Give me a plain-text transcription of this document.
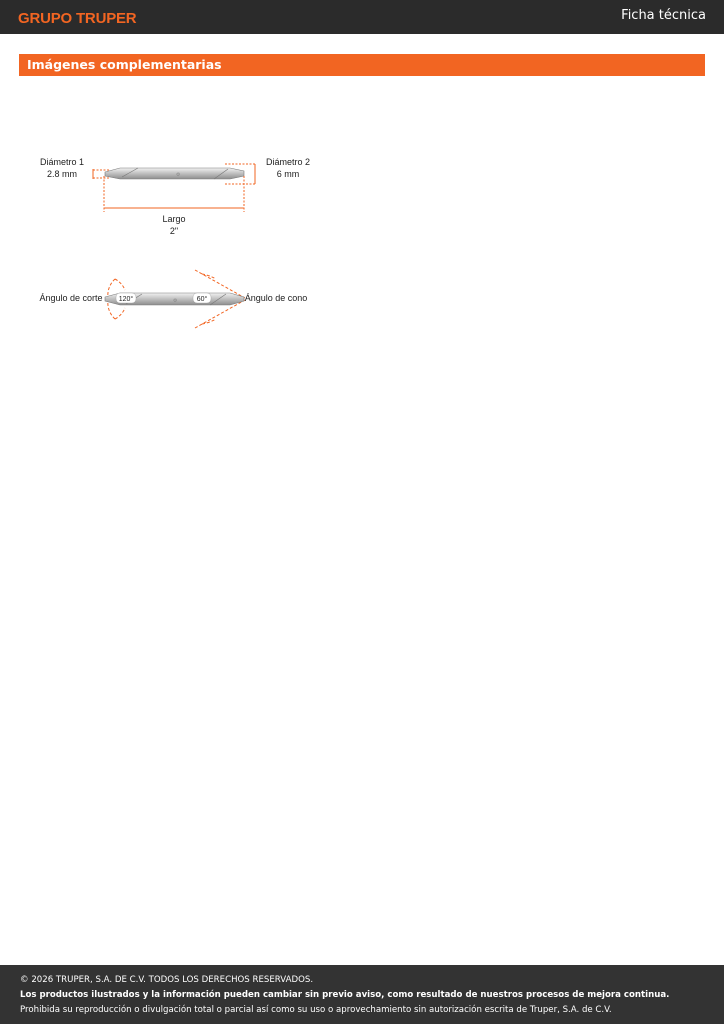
GRUPO TRUPER	Ficha técnica
Imágenes complementarias
⚙
Diámetro 1
2.8 mm
Diámetro 2
6 mm
Largo
2"
⚙
120°	60°
Ángulo de corte	Ángulo de cono
© 2026 TRUPER, S.A. DE C.V. TODOS LOS DERECHOS RESERVADOS.
Los productos ilustrados y la información pueden cambiar sin previo aviso, como resultado de nuestros procesos de mejora continua.
Prohibida su reproducción o divulgación total o parcial así como su uso o aprovechamiento sin autorización escrita de Truper, S.A. de C.V.
